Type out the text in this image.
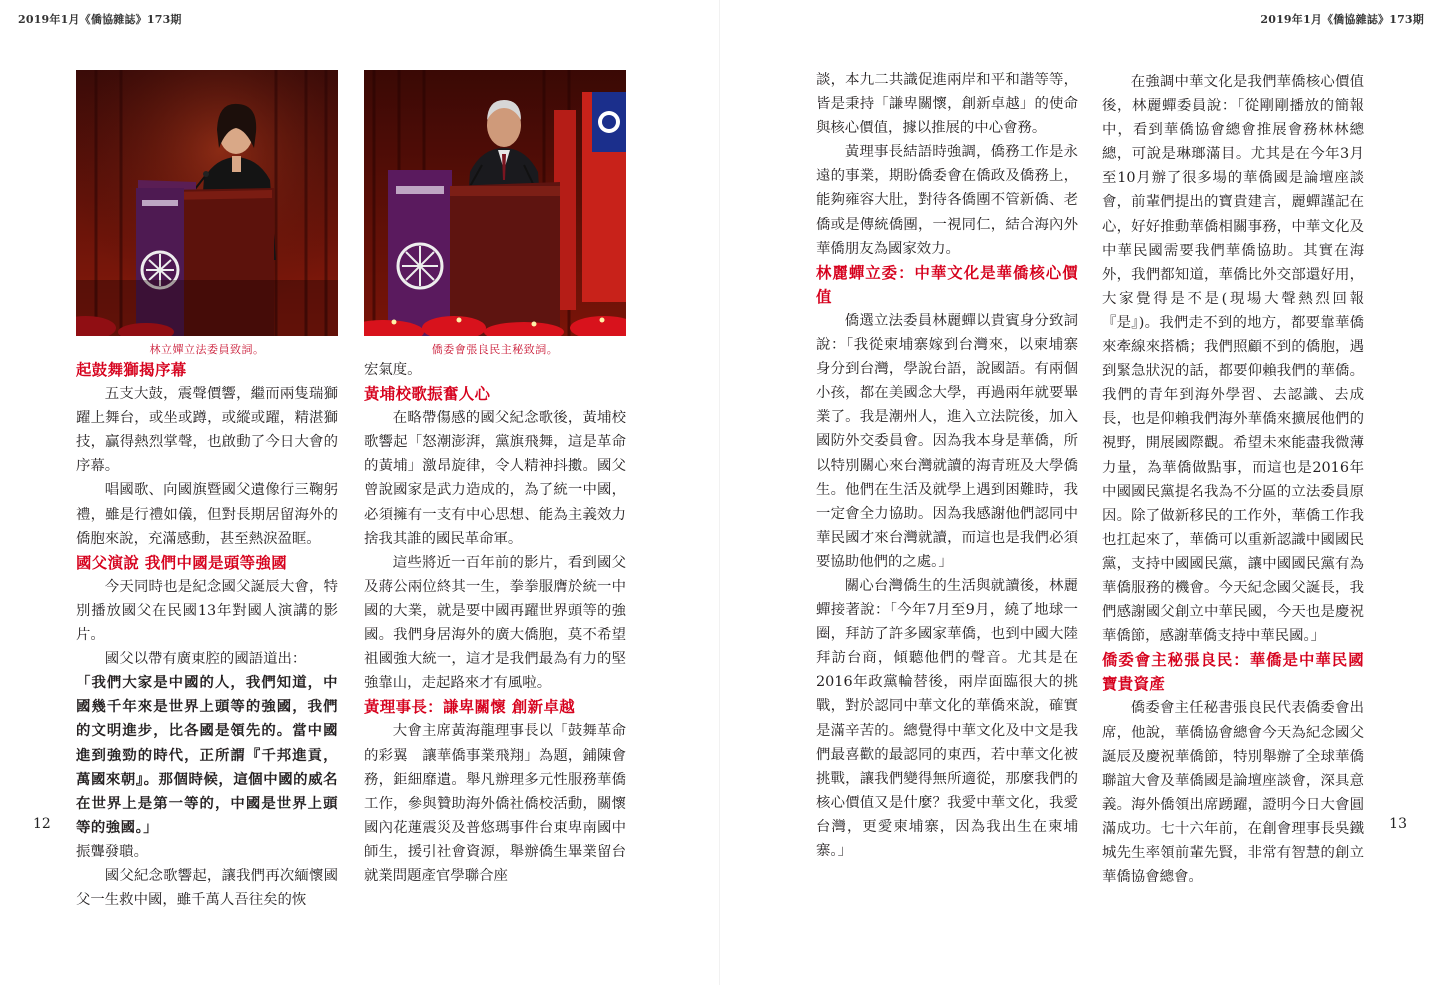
2019年1月《僑協雜誌》173期
林立嬋立法委員致詞。
起鼓舞獅揭序幕

五支大鼓，震聲價響，繼而兩隻瑞獅躍上舞台，或坐或蹲，或縱或躍，精湛獅技，贏得熱烈掌聲，也啟動了今日大會的序幕。

唱國歌、向國旗暨國父遺像行三鞠躬禮，雖是行禮如儀，但對長期居留海外的僑胞來說，充滿感動，甚至熱淚盈眶。

國父演說 我們中國是頭等強國

今天同時也是紀念國父誕辰大會，特別播放國父在民國13年對國人演講的影片。

國父以帶有廣東腔的國語道出：

「我們大家是中國的人，我們知道，中國幾千年來是世界上頭等的強國，我們的文明進步，比各國是領先的。當中國進到強勁的時代，正所謂『千邦進貢，萬國來朝』。那個時候，這個中國的威名在世界上是第一等的，中國是世界上頭等的強國。」

振聾發聵。

國父紀念歌響起，讓我們再次緬懷國父一生救中國，雖千萬人吾往矣的恢

僑委會張良民主秘致詞。

宏氣度。

黃埔校歌振奮人心

在略帶傷感的國父紀念歌後，黃埔校歌響起「怒潮澎湃，黨旗飛舞，這是革命的黃埔」激昂旋律，令人精神抖擻。國父曾說國家是武力造成的，為了統一中國，必須擁有一支有中心思想、能為主義效力捨我其誰的國民革命軍。

這些將近一百年前的影片，看到國父及蔣公兩位終其一生，拳拳服膺於統一中國的大業，就是要中國再躍世界頭等的強國。我們身居海外的廣大僑胞，莫不希望祖國強大統一，這才是我們最為有力的堅強靠山，走起路來才有風啦。

黃理事長：謙卑關懷 創新卓越

大會主席黃海龍理事長以「鼓舞革命的彩翼　讓華僑事業飛翔」為題，鋪陳會務，鉅細靡遺。舉凡辦理多元性服務華僑工作，參與贊助海外僑社僑校活動，關懷國內花蓮震災及普悠瑪事件台東卑南國中師生，援引社會資源，舉辦僑生畢業留台就業問題產官學聯合座

12
2019年1月《僑協雜誌》173期

談，本九二共識促進兩岸和平和諧等等，皆是秉持「謙卑關懷，創新卓越」的使命與核心價值，據以推展的中心會務。

黃理事長結語時強調，僑務工作是永遠的事業，期盼僑委會在僑政及僑務上，能夠雍容大肚，對待各僑團不管新僑、老僑或是傳統僑團，一視同仁，結合海內外華僑朋友為國家效力。

林麗蟬立委：中華文化是華僑核心價值

僑選立法委員林麗蟬以貴賓身分致詞說：「我從柬埔寨嫁到台灣來，以柬埔寨身分到台灣，學說台語，說國語。有兩個小孩，都在美國念大學，再過兩年就要畢業了。我是潮州人，進入立法院後，加入國防外交委員會。因為我本身是華僑，所以特別關心來台灣就讀的海青班及大學僑生。他們在生活及就學上遇到困難時，我一定會全力協助。因為我感謝他們認同中華民國才來台灣就讀，而這也是我們必須要協助他們的之處。」

關心台灣僑生的生活與就讀後，林麗蟬接著說：「今年7月至9月，繞了地球一圈，拜訪了許多國家華僑，也到中國大陸拜訪台商，傾聽他們的聲音。尤其是在2016年政黨輪替後，兩岸面臨很大的挑戰，對於認同中華文化的華僑來說，確實是滿辛苦的。總覺得中華文化及中文是我們最喜歡的最認同的東西，若中華文化被挑戰，讓我們變得無所適從，那麼我們的核心價值又是什麼？我愛中華文化，我愛台灣，更愛柬埔寨，因為我出生在柬埔寨。」

在強調中華文化是我們華僑核心價值後，林麗蟬委員說：「從剛剛播放的簡報中，看到華僑協會總會推展會務林林總總，可說是琳瑯滿目。尤其是在今年3月至10月辦了很多場的華僑國是論壇座談會，前輩們提出的寶貴建言，麗蟬謹記在心，好好推動華僑相關事務，中華文化及中華民國需要我們華僑協助。其實在海外，我們都知道，華僑比外交部還好用，大家覺得是不是(現場大聲熱烈回報『是』)。我們走不到的地方，都要靠華僑來牽線來搭橋；我們照顧不到的僑胞，遇到緊急狀況的話，都要仰賴我們的華僑。我們的青年到海外學習、去認識、去成長，也是仰賴我們海外華僑來擴展他們的視野，開展國際觀。希望未來能盡我微薄力量，為華僑做點事，而這也是2016年中國國民黨提名我為不分區的立法委員原因。除了做新移民的工作外，華僑工作我也扛起來了，華僑可以重新認識中國國民黨，支持中國國民黨，讓中國國民黨有為華僑服務的機會。今天紀念國父誕長，我們感謝國父創立中華民國，今天也是慶祝華僑節，感謝華僑支持中華民國。」

僑委會主秘張良民：華僑是中華民國寶貴資產

僑委會主任秘書張良民代表僑委會出席，他說，華僑協會總會今天為紀念國父誕辰及慶祝華僑節，特別舉辦了全球華僑聯誼大會及華僑國是論壇座談會，深具意義。海外僑領出席踴躍，證明今日大會圓滿成功。七十六年前，在創會理事長吳鐵城先生率領前輩先賢，非常有智慧的創立華僑協會總會。

13
